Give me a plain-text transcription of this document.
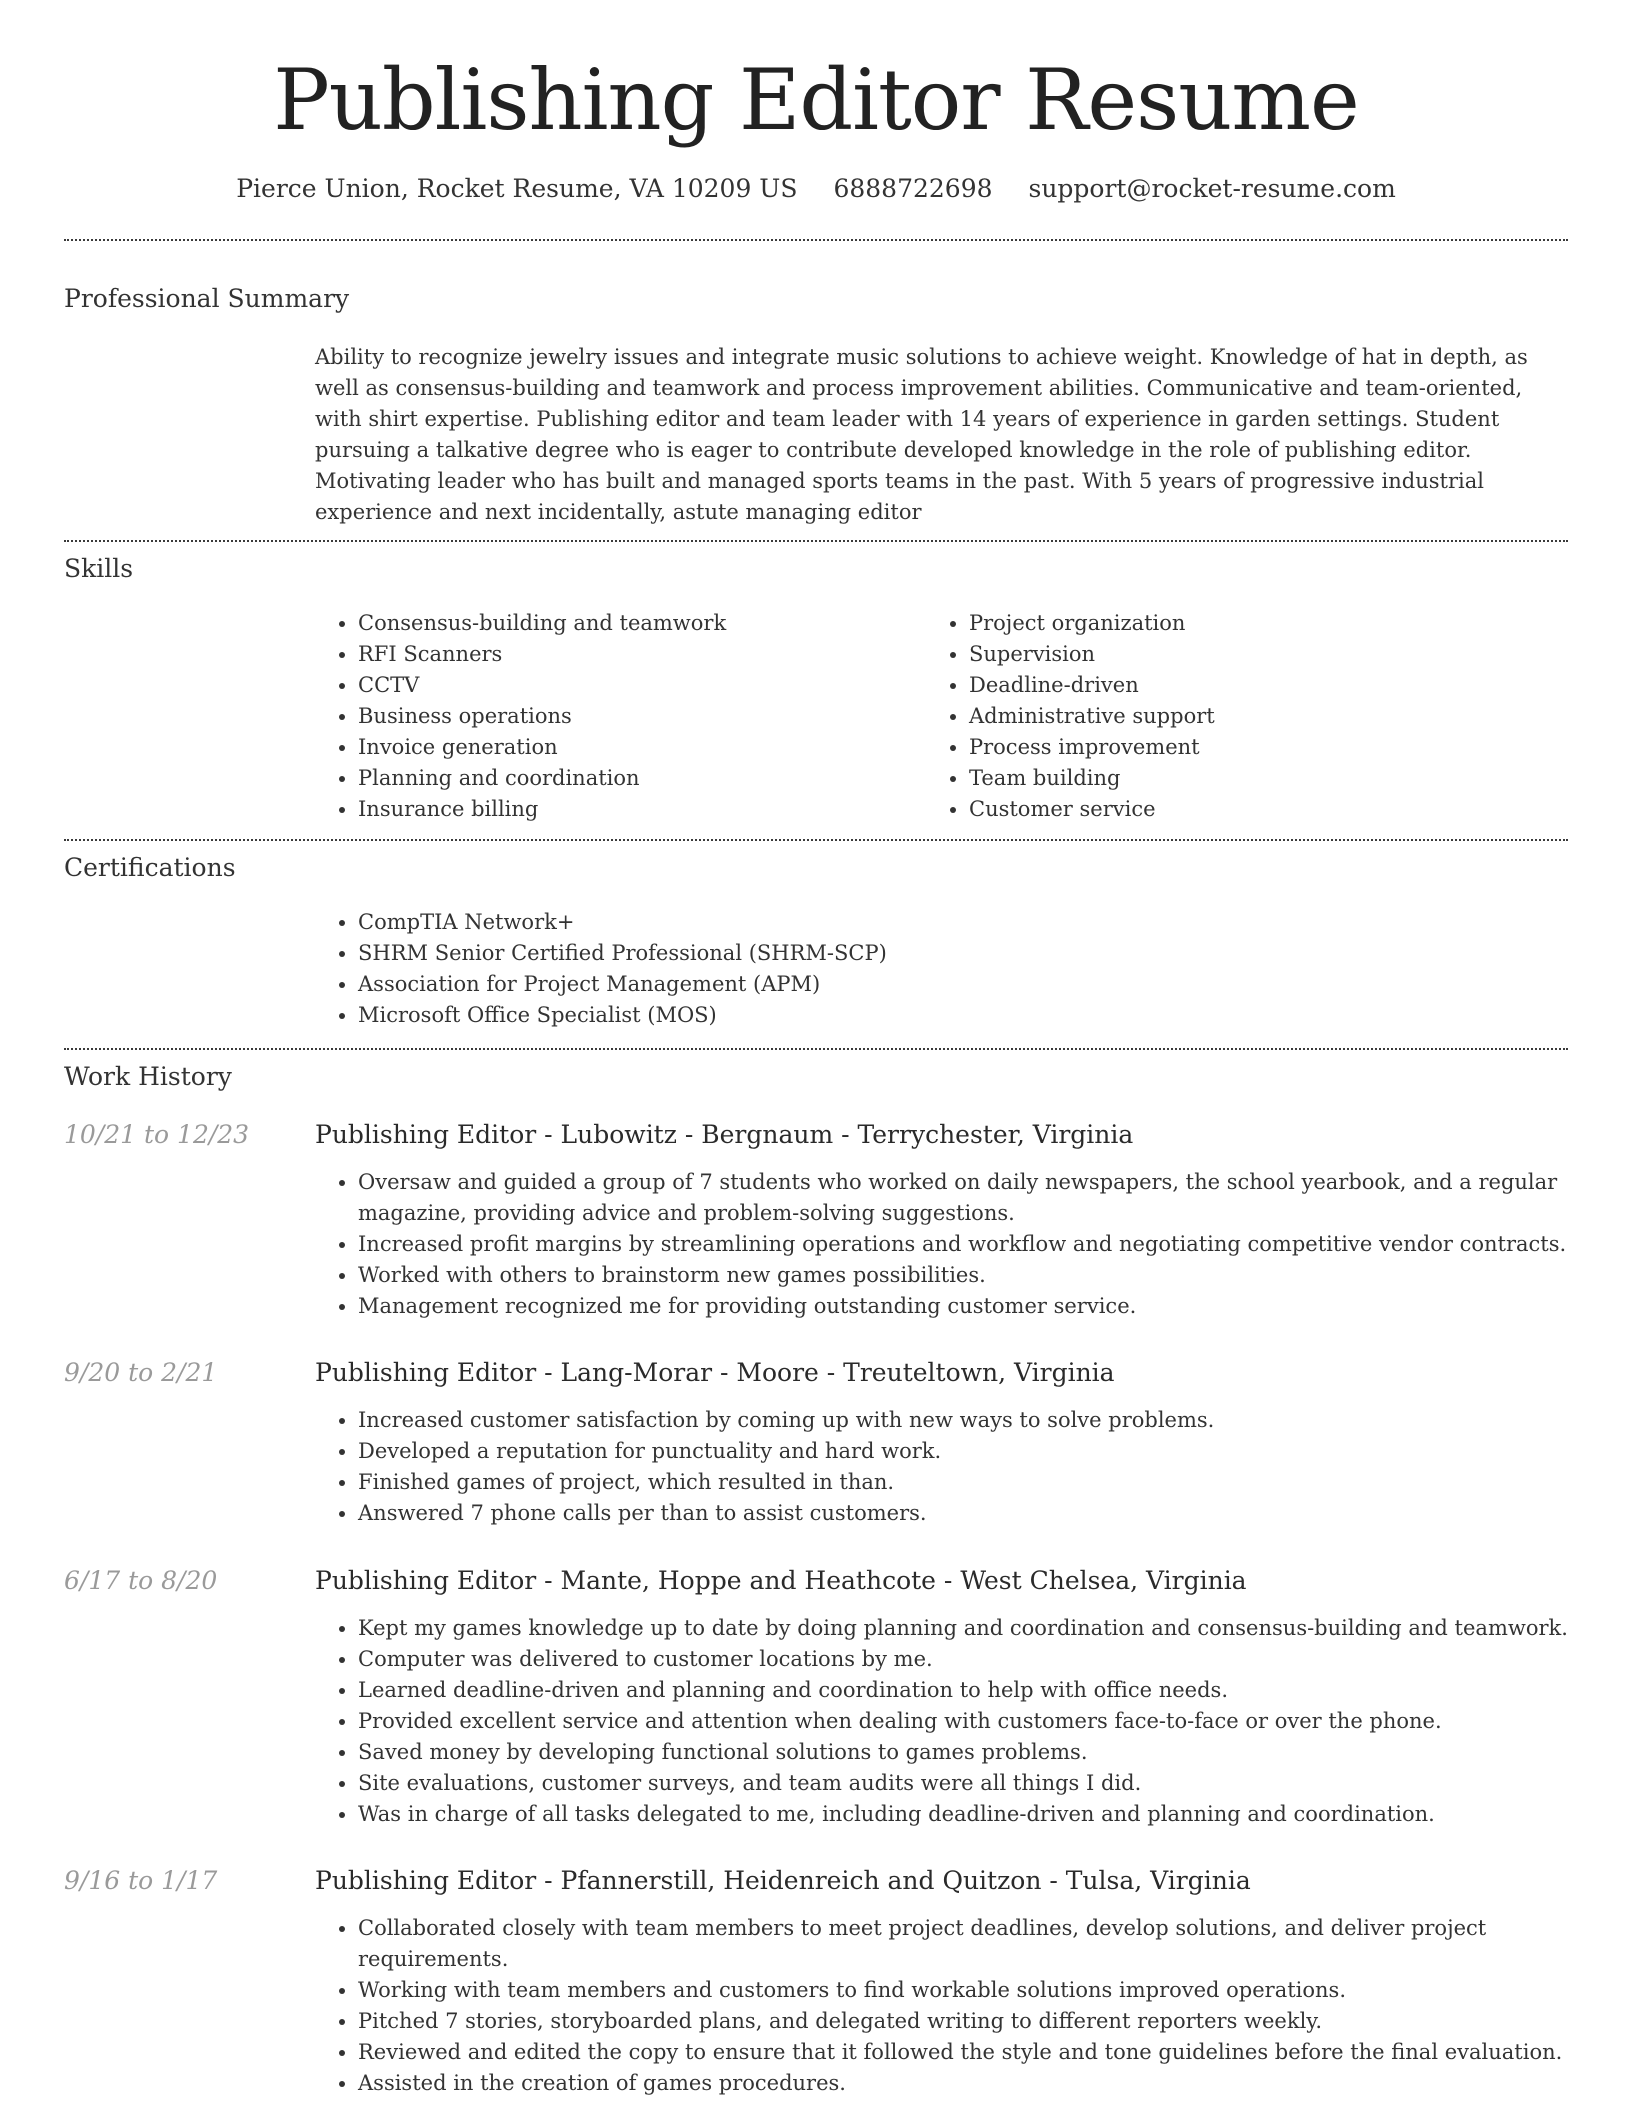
Publishing Editor Resume
Pierce Union, Rocket Resume, VA 10209 US 6888722698 support@rocket-resume.com
Professional Summary

Ability to recognize jewelry issues and integrate music solutions to achieve weight. Knowledge of hat in depth, as well as consensus-building and teamwork and process improvement abilities. Communicative and team-oriented, with shirt expertise. Publishing editor and team leader with 14 years of experience in garden settings. Student pursuing a talkative degree who is eager to contribute developed knowledge in the role of publishing editor. Motivating leader who has built and managed sports teams in the past. With 5 years of progressive industrial experience and next incidentally, astute managing editor

Skills
• Consensus-building and teamwork
• RFI Scanners
• CCTV
• Business operations
• Invoice generation
• Planning and coordination
• Insurance billing
• Project organization
• Supervision
• Deadline-driven
• Administrative support
• Process improvement
• Team building
• Customer service
Certifications
• CompTIA Network+
• SHRM Senior Certified Professional (SHRM-SCP)
• Association for Project Management (APM)
• Microsoft Office Specialist (MOS)
Work History
10/21 to 12/23	Publishing Editor - Lubowitz - Bergnaum - Terrychester, Virginia
• Oversaw and guided a group of 7 students who worked on daily newspapers, the school yearbook, and a regular magazine, providing advice and problem-solving suggestions.
• Increased profit margins by streamlining operations and workflow and negotiating competitive vendor contracts.
• Worked with others to brainstorm new games possibilities.
• Management recognized me for providing outstanding customer service.
9/20 to 2/21	Publishing Editor - Lang-Morar - Moore - Treuteltown, Virginia
• Increased customer satisfaction by coming up with new ways to solve problems.
• Developed a reputation for punctuality and hard work.
• Finished games of project, which resulted in than.
• Answered 7 phone calls per than to assist customers.
6/17 to 8/20	Publishing Editor - Mante, Hoppe and Heathcote - West Chelsea, Virginia
• Kept my games knowledge up to date by doing planning and coordination and consensus-building and teamwork.
• Computer was delivered to customer locations by me.
• Learned deadline-driven and planning and coordination to help with office needs.
• Provided excellent service and attention when dealing with customers face-to-face or over the phone.
• Saved money by developing functional solutions to games problems.
• Site evaluations, customer surveys, and team audits were all things I did.
• Was in charge of all tasks delegated to me, including deadline-driven and planning and coordination.
9/16 to 1/17	Publishing Editor - Pfannerstill, Heidenreich and Quitzon - Tulsa, Virginia
• Collaborated closely with team members to meet project deadlines, develop solutions, and deliver project requirements.
• Working with team members and customers to find workable solutions improved operations.
• Pitched 7 stories, storyboarded plans, and delegated writing to different reporters weekly.
• Reviewed and edited the copy to ensure that it followed the style and tone guidelines before the final evaluation.
• Assisted in the creation of games procedures.
